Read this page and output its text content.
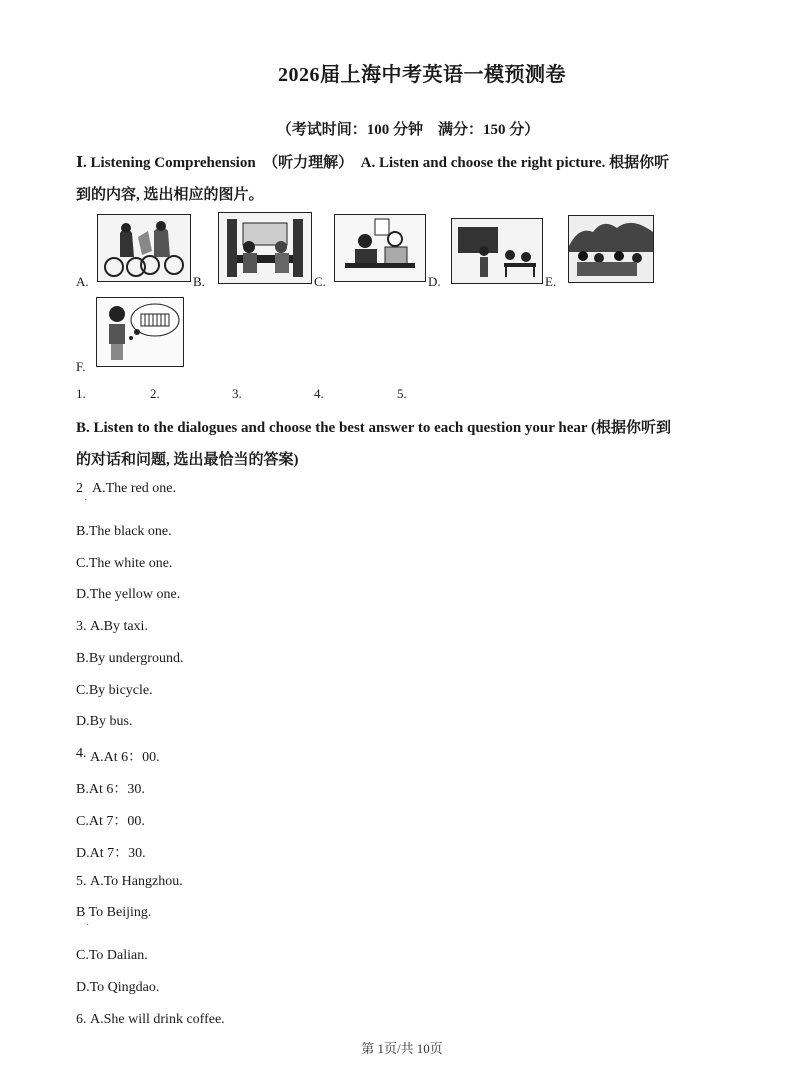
2026届上海中考英语一模预测卷
（考试时间：100 分钟　满分：150 分）
Ⅰ. Listening Comprehension　（听力理解）　A. Listen and choose the right picture. 根据你听
到的内容, 选出相应的图片。
A.	B.	C.	D.	E.
F.
1.	2.	3.	4.	5.
B. Listen to the dialogues and choose the best answer to each question your hear (根据你听到
的对话和问题, 选出最恰当的答案)
2
·
A.The red one.
B.The black one.
C.The white one.
D.The yellow one.
3. A.By taxi.
B.By underground.
C.By bicycle.
D.By bus.
4. A.At 6：00.
B.At 6：30.
C.At 7：00.
D.At 7：30.
5. A.To Hangzhou.
B To Beijing.
·
C.To Dalian.
D.To Qingdao.
6. A.She will drink coffee.
第 1页/共 10页
